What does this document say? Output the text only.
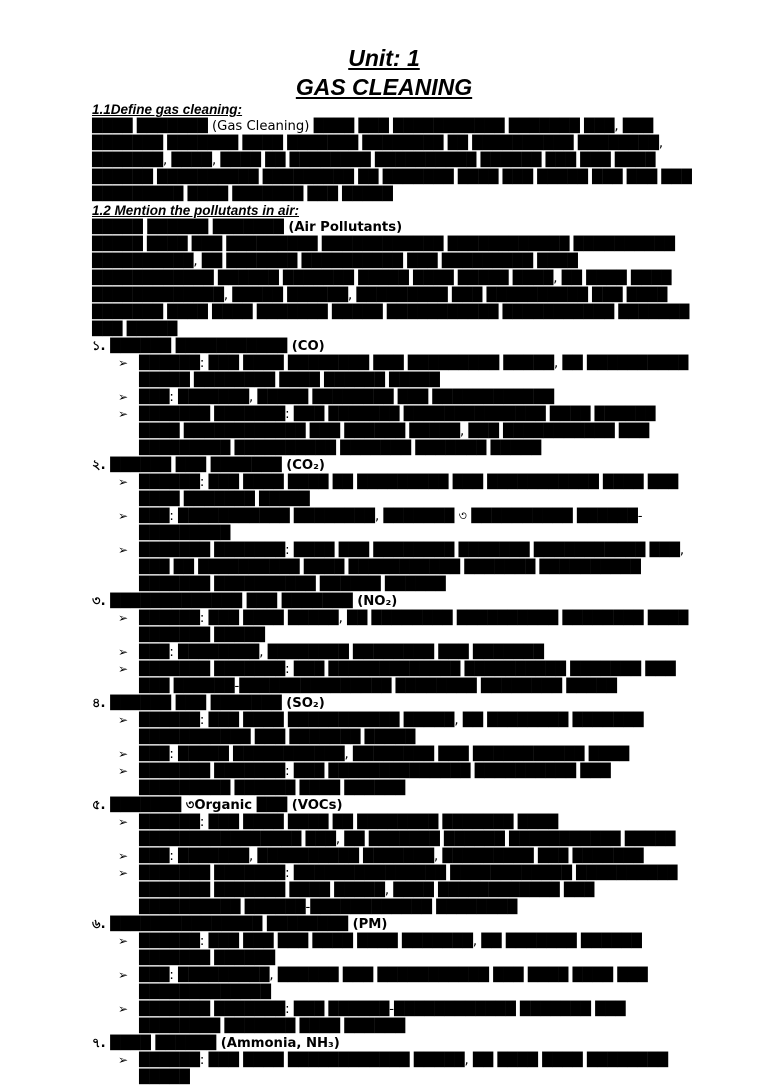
Unit: 1
GAS CLEANING
1.1Define gas cleaning:

████ ███████ (Gas Cleaning) ████ ███ ███████████ ███████ ███, ███ ███████ ███████ ████ ███████ ████████ ██ ██████████ ████████, ███████, ████, ████ ██ ████████ ██████████ ██████ ███ ███ ████ ██████ ██████████ █████████ ██ ███████ ████ ███ █████ ███ ███ ███ █████████ ████ ███████ ███ █████

1.2 Mention the pollutants in air:
█████ ██████ ███████ (Air Pollutants)

█████ ████ ███ █████████ ████████████ ████████████ ██████████ ██████████, ██ ███████ ██████████ ███ █████████ ████ ████████████ ██████ ███████ █████ ████ █████ ████, ██ ████ ████ █████████████, █████ ██████, █████████ ███ ██████████ ███ ████ ███████ ████ ████ ███████ █████ ███████████ ███████████ ███████ ███ █████

১. ██████ ███████████ (CO)
➢ ██████: ███ ████ ████████ ███ █████████ █████, ██ ██████████ █████ ████████ ████ ██████ █████
➢ ███: ███████, █████ ████████ ███ ████████████
➢ ███████ ███████: ███ ███████ ██████████████ ████ ██████ ████ ████████████ ███ ██████ █████, ███ ███████████ ███ █████████ ██████████ ███████ ███████ █████
২. ██████ ███ ███████ (CO₂)
➢ ██████: ███ ████ ████ ██ █████████ ███ ███████████ ████ ███ ████ ███████ █████
➢ ███: ███████████ ████████, ███████ ৩ ██████████ ██████-█████████
➢ ███████ ███████: ████ ███ ████████ ███████ ███████████ ███, ███ ██ ██████████ ████ ███████████ ███████ ██████████ ███████ ██████████ ██████ ██████
৩. █████████████ ███ ███████ (NO₂)
➢ ██████: ███ ████ █████, ██ ████████ ██████████ ████████ ████ ███████ █████
➢ ███: ████████, ████████ ████████ ███ ███████
➢ ███████ ███████: ███ █████████████ ██████████ ███████ ███ ███ ██████-███████████████ ████████ ████████ █████
৪. ██████ ███ ███████ (SO₂)
➢ ██████: ███ ████ ███████████ █████, ██ ████████ ███████ ███████████ ███ ███████ █████
➢ ███: █████ ███████████, ████████ ███ ███████████ ████
➢ ███████ ███████: ███ ██████████████ ██████████ ███ █████████ ██████ ████ ██████
৫. ███████ ৩Organic ███ (VOCs)
➢ ██████: ███ ████ ████ ██ ████████ ███████ ████ ████████████████ ███, ██ ███████ ██████ ███████████ █████
➢ ███: ███████, ██████████ ███████, █████████ ███ ███████
➢ ███████ ███████: ███████████████ ████████████ ██████████ ███████ ███████ ████ █████, ████ ████████████ ███ ██████████ ██████-████████████ ████████
৬. ███████████████ ████████ (PM)
➢ ██████: ███ ███ ███ ████ ████ ███████, ██ ███████ ██████ ███████ ██████
➢ ███: █████████, ██████ ███ ███████████ ███ ████ ████ ███ █████████████
➢ ███████ ███████: ███ ██████-████████████ ███████ ███ ████████ ███████ ████ ██████
৭. ████ ██████ (Ammonia, NH₃)
➢ ██████: ███ ████ ████████████ █████, ██ ████ ████ ████████ █████
